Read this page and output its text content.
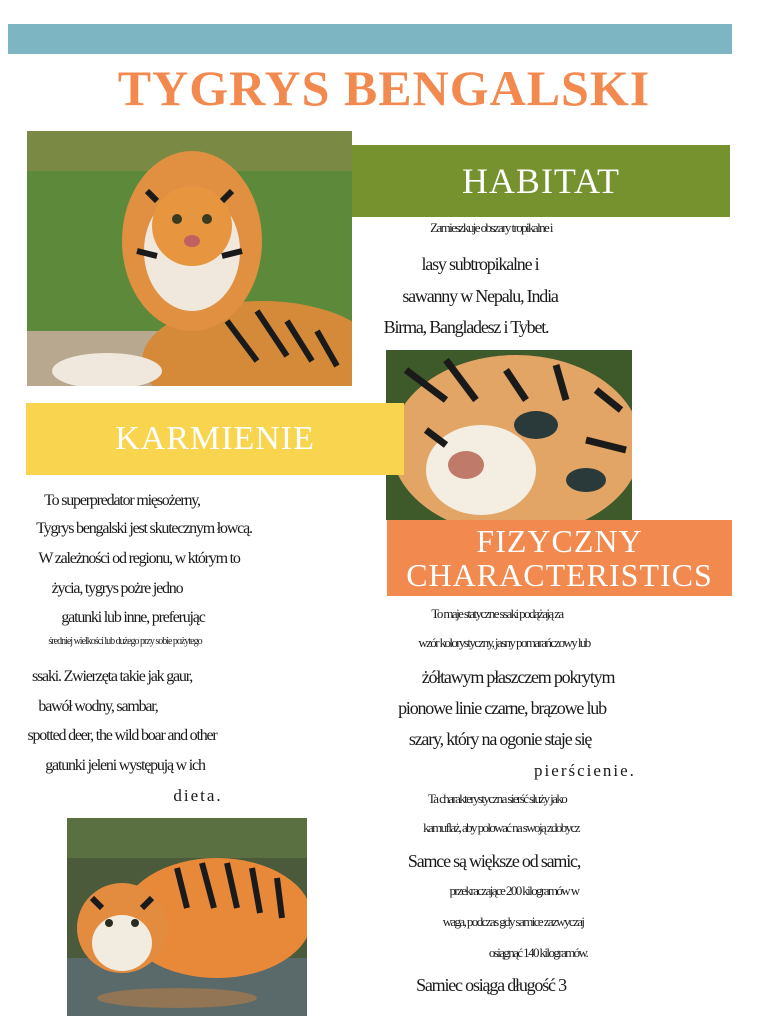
TYGRYS BENGALSKI
HABITAT
KARMIENIE
FIZYCZNY
CHARACTERISTICS
Zamieszkuje obszary tropikalne i
lasy subtropikalne i
sawanny w Nepalu, India
Birma, Bangladesz i Tybet.
To superpredator mięsożerny,
Tygrys bengalski jest skutecznym łowcą.
W zależności od regionu, w którym to
życia, tygrys pożre jedno
gatunki lub inne, preferując
średniej wielkości lub dużego przy sobie pożytego
ssaki. Zwierzęta takie jak gaur,
bawół wodny, sambar,
spotted deer, the wild boar and other
gatunki jeleni występują w ich
dieta.
To maje statyczne ssaki podążają za
wzór kolorystyczny, jasny pomarańczowy lub
żółtawym płaszczem pokrytym
pionowe linie czarne, brązowe lub
szary, który na ogonie staje się
pierścienie.
Ta charakterystyczna sierść służy jako
kamuflaż, aby polować na swoją zdobycz
Samce są większe od samic,
przekraczające 200 kilogramów w
waga, podczas gdy samice zazwyczaj
osiągnąć 140 kilogramów.
Samiec osiąga długość 3
